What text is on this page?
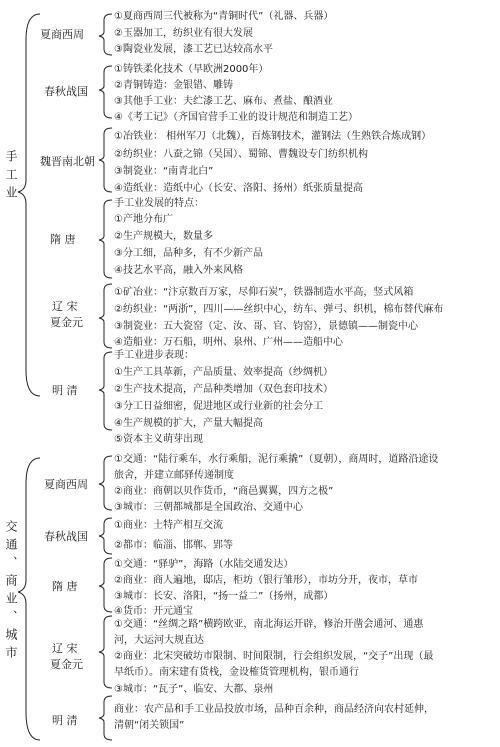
手工业
交通、商业、城市
夏商西周
①夏商西周三代被称为“青铜时代”（礼器、兵器）
②玉器加工，纺织业有很大发展
③陶瓷业发展，漆工艺已达较高水平
春秋战国
①铸铁柔化技术（早欧洲2000年）
②青铜铸造：金银错、雕铸
③其他手工业：夫纻漆工艺、麻布、煮盐、酿酒业
④《考工记》（齐国官营手工业的设计规范和制造工艺）
魏晋南北朝
①冶铁业： 相州军刀（北魏），百炼钢技术，灌钢法（生熟铁合炼成钢）
②纺织业：八蚕之锦（吴国）、蜀锦、曹魏设专门纺织机构
③制瓷业：“南青北白”
④造纸业：造纸中心（长安、洛阳、扬州）纸张质量提高
隋 唐
手工业发展的特点：
①产地分布广
②生产规模大，数量多
③分工细，品种多，有不少新产品
④技艺水平高，融入外来风格
辽 宋
夏金元
①矿冶业：“汴京数百万家，尽仰石炭”，铁器制造水平高，竖式风箱
②纺织业：“两浙”，四川——丝织中心，纺车、弹弓、织机，棉布替代麻布
③制瓷业：五大瓷窑（定、汝、哥、官、钧窑），景德镇——制瓷中心
④造船业：万石船，明州、泉州、广州——造船中心
明 清
手工业进步表现：
①生产工具革新，产品质量、效率提高（纱绸机）
②生产技术提高，产品种类增加（双色套印技术）
③分工日益细密，促进地区或行业新的社会分工
④生产规模的扩大，产量大幅提高
⑤资本主义萌芽出现
夏商西周
①交通：“陆行乘车，水行乘船，泥行乘撬”（夏朝），商周时，道路沿途设
旅舍，并建立邮驿传递制度
②商业：商朝以贝作货币，“商邑翼翼，四方之极”
③城市：三朝都城都是全国政治、交通中心
春秋战国
①商业：土特产相互交流
②都市：临淄、邯郸、郢等
隋 唐
①交通：“驿驴”，海路（水陆交通发达）
②商业：商人遍地，邸店，柜坊（银行雏形），市坊分开，夜市，草市
③城市：长安、洛阳，“扬一益二”（扬州，成都）
④货币：开元通宝
辽 宋
夏金元
①交通：“丝绸之路”横跨欧亚，南北海运开辟，修治开凿会通河、通惠
河，大运河大规直达
②商业：北宋突破坊市限制、时间限制，行会组织发展，“交子”出现（最
早纸币）。南宋建有货栈，金设榷货管理机构，银币通行
③城市：“瓦子”、临安、大都、泉州
明 清
商业：农产品和手工业品投放市场，品种百余种，商品经济向农村延伸，
清朝“闭关锁国”
